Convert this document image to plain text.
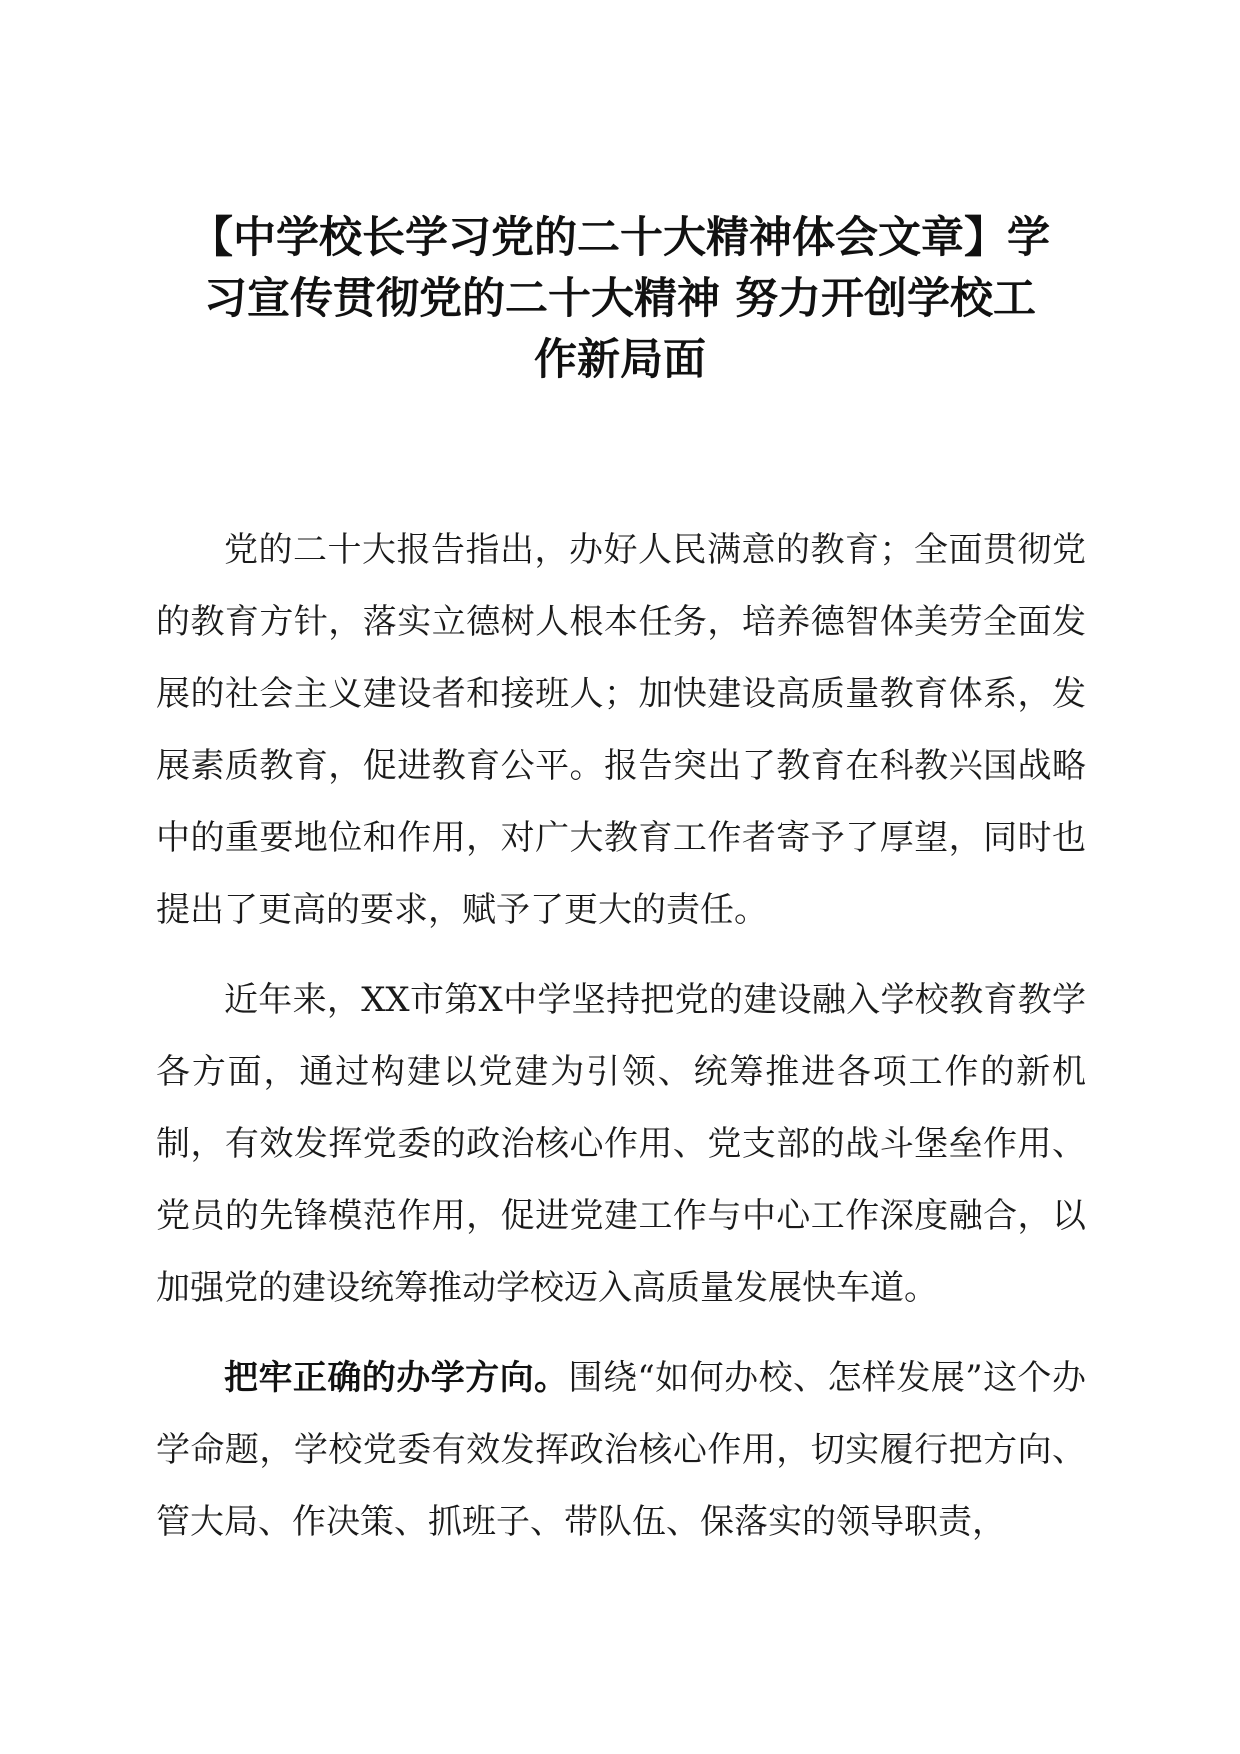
【中学校长学习党的二十大精神体会文章】学
习宣传贯彻党的二十大精神 努力开创学校工
作新局面

党的二十大报告指出，办好人民满意的教育；全面贯彻党的教育方针，落实立德树人根本任务，培养德智体美劳全面发展的社会主义建设者和接班人；加快建设高质量教育体系，发展素质教育，促进教育公平。报告突出了教育在科教兴国战略中的重要地位和作用，对广大教育工作者寄予了厚望，同时也提出了更高的要求，赋予了更大的责任。

近年来，XX市第X中学坚持把党的建设融入学校教育教学各方面，通过构建以党建为引领、统筹推进各项工作的新机制，有效发挥党委的政治核心作用、党支部的战斗堡垒作用、党员的先锋模范作用，促进党建工作与中心工作深度融合，以加强党的建设统筹推动学校迈入高质量发展快车道。

把牢正确的办学方向。围绕“如何办校、怎样发展”这个办学命题，学校党委有效发挥政治核心作用，切实履行把方向、管大局、作决策、抓班子、带队伍、保落实的领导职责，
